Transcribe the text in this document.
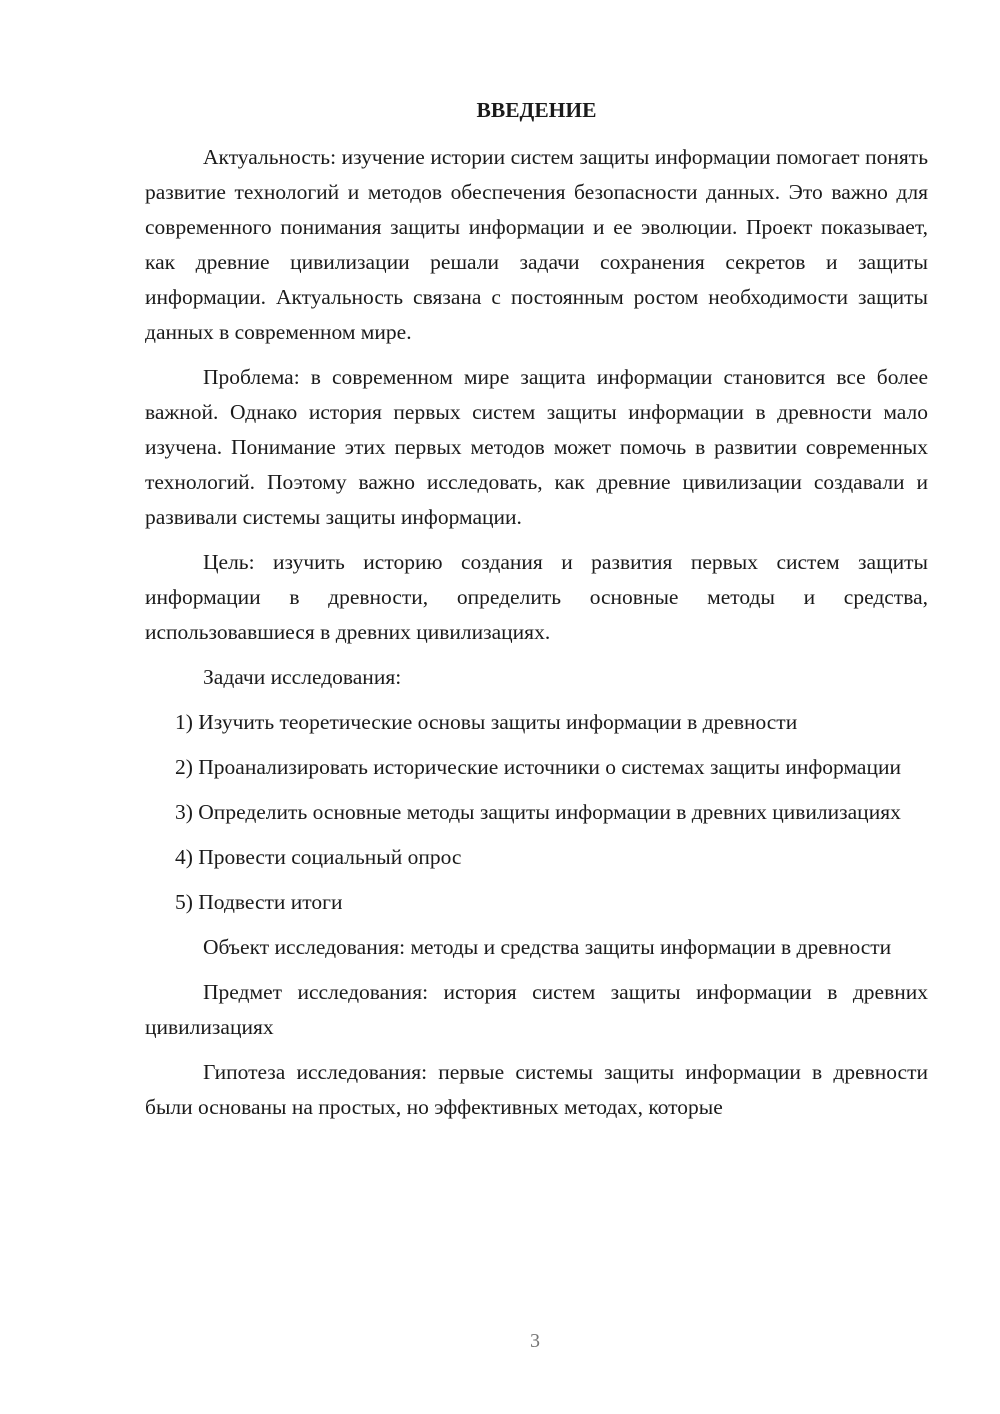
ВВЕДЕНИЕ

Актуальность: изучение истории систем защиты информации помогает понять развитие технологий и методов обеспечения безопасности данных. Это важно для современного понимания защиты информации и ее эволюции. Проект показывает, как древние цивилизации решали задачи сохранения секретов и защиты информации. Актуальность связана с постоянным ростом необходимости защиты данных в современном мире.

Проблема: в современном мире защита информации становится все более важной. Однако история первых систем защиты информации в древности мало изучена. Понимание этих первых методов может помочь в развитии современных технологий. Поэтому важно исследовать, как древние цивилизации создавали и развивали системы защиты информации.

Цель: изучить историю создания и развития первых систем защиты информации в древности, определить основные методы и средства, использовавшиеся в древних цивилизациях.

Задачи исследования:

1) Изучить теоретические основы защиты информации в древности

2) Проанализировать исторические источники о системах защиты информации

3) Определить основные методы защиты информации в древних цивилизациях

4) Провести социальный опрос

5) Подвести итоги

Объект исследования: методы и средства защиты информации в древности

Предмет исследования: история систем защиты информации в древних цивилизациях

Гипотеза исследования: первые системы защиты информации в древности были основаны на простых, но эффективных методах, которые

3
